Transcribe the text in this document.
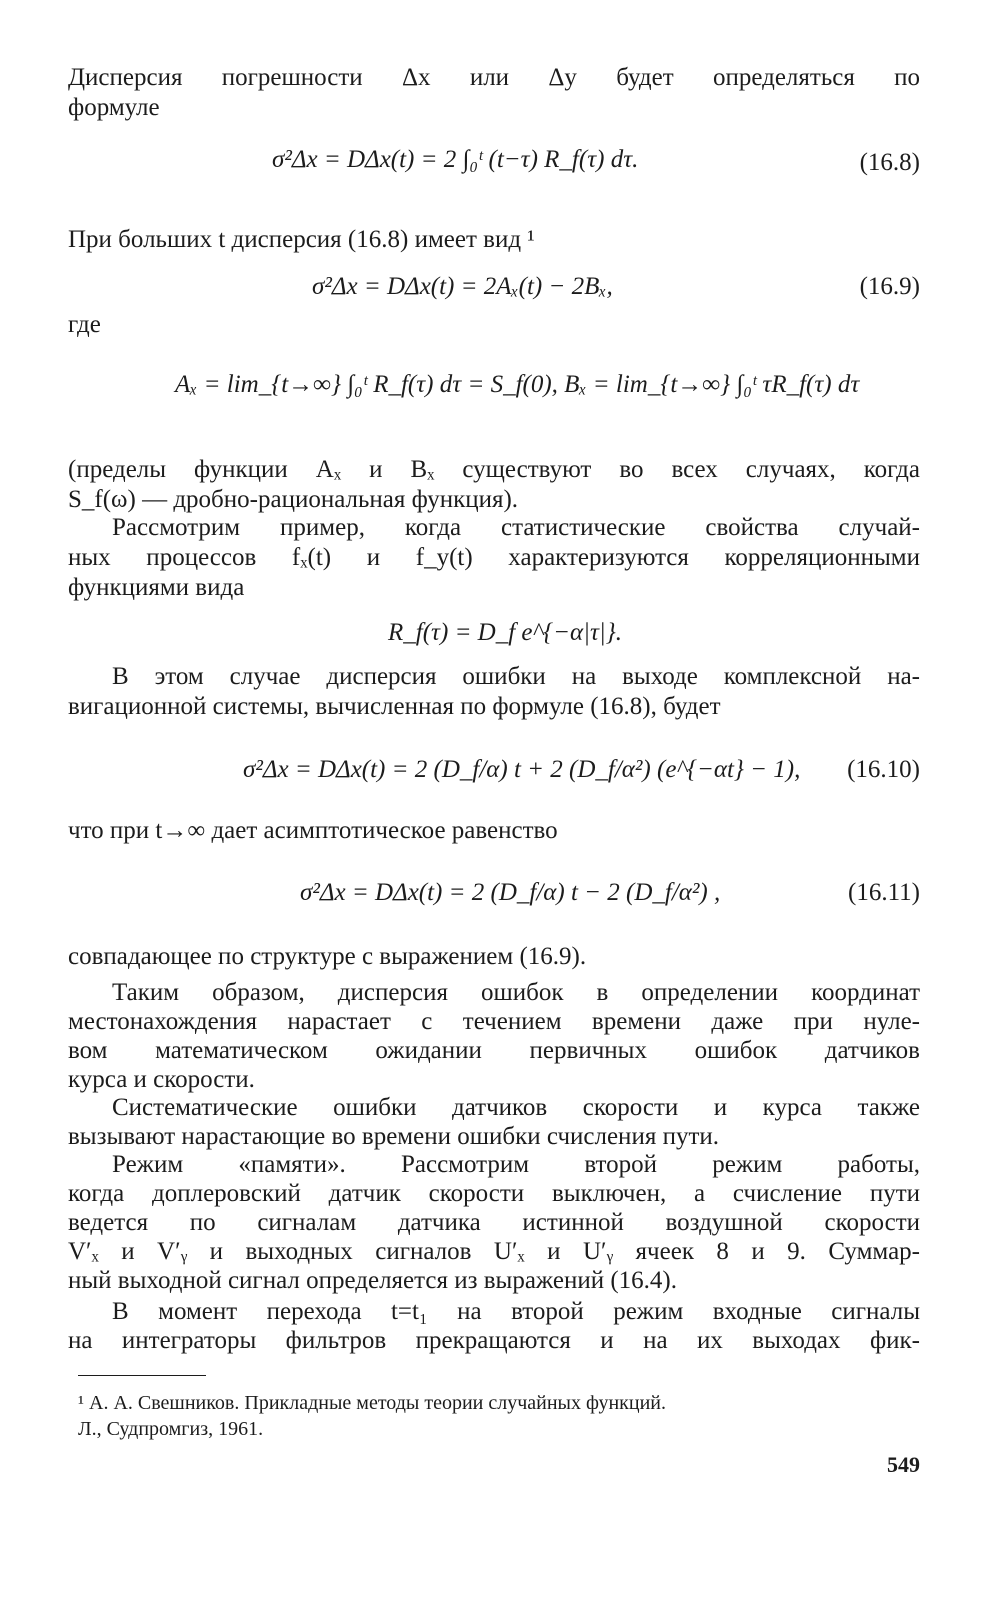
Дисперсия погрешности Δx или Δy будет определяться по
формуле
σ²Δx = DΔx(t) = 2 ∫₀ᵗ (t−τ) R_f(τ) dτ.	(16.8)
При больших t дисперсия (16.8) имеет вид ¹
σ²Δx = DΔx(t) = 2Aₓ(t) − 2Bₓ,	(16.9)
где
Aₓ = lim_{t→∞} ∫₀ᵗ R_f(τ) dτ = S_f(0), Bₓ = lim_{t→∞} ∫₀ᵗ τR_f(τ) dτ
(пределы функции Aₓ и Bₓ существуют во всех случаях, когда
S_f(ω) — дробно-рациональная функция).
Рассмотрим пример, когда статистические свойства случай-
ных процессов fₓ(t) и f_y(t) характеризуются корреляционными
функциями вида
R_f(τ) = D_f e^{−α|τ|}.
В этом случае дисперсия ошибки на выходе комплексной на-
вигационной системы, вычисленная по формуле (16.8), будет
σ²Δx = DΔx(t) = 2 (D_f/α) t + 2 (D_f/α²) (e^{−αt} − 1), (16.10)
что при t→∞ дает асимптотическое равенство
σ²Δx = DΔx(t) = 2 (D_f/α) t − 2 (D_f/α²) ,	(16.11)
совпадающее по структуре с выражением (16.9).
Таким образом, дисперсия ошибок в определении координат
местонахождения нарастает с течением времени даже при нуле-
вом математическом ожидании первичных ошибок датчиков
курса и скорости.
Систематические ошибки датчиков скорости и курса также
вызывают нарастающие во времени ошибки счисления пути.
Режим «памяти». Рассмотрим второй режим работы,
когда доплеровский датчик скорости выключен, а счисление пути
ведется по сигналам датчика истинной воздушной скорости
V′ₓ и V′ᵧ и выходных сигналов U′ₓ и U′ᵧ ячеек 8 и 9. Суммар-
ный выходной сигнал определяется из выражений (16.4).
В момент перехода t=t₁ на второй режим входные сигналы
на интеграторы фильтров прекращаются и на их выходах фик-
¹ А. А. Свешников. Прикладные методы теории случайных функций.
Л., Судпромгиз, 1961.
549
